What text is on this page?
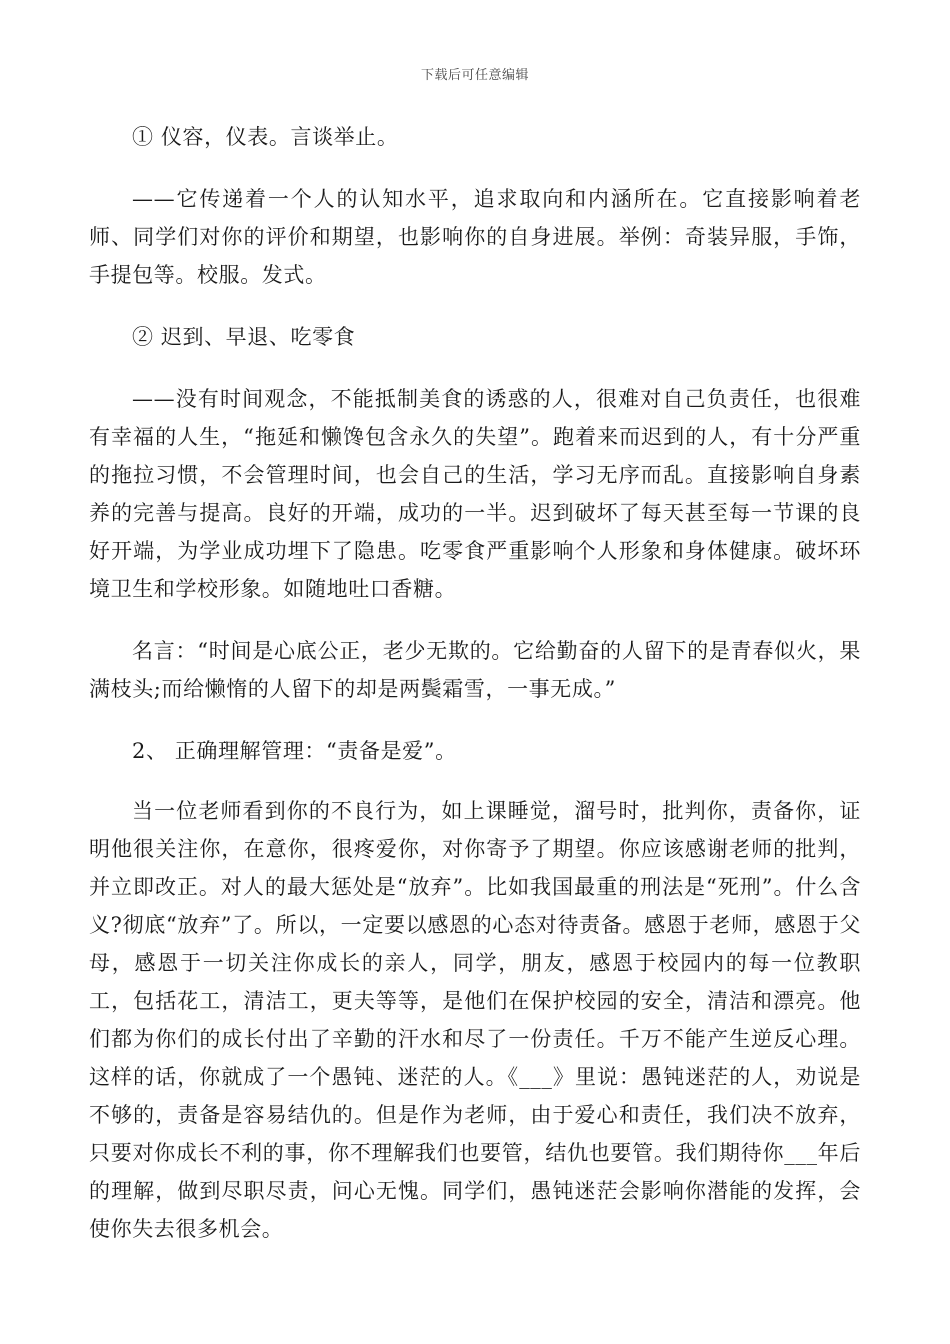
下载后可任意编辑

① 仪容，仪表。言谈举止。

——它传递着一个人的认知水平，追求取向和内涵所在。它直接影响着老师、同学们对你的评价和期望，也影响你的自身进展。举例：奇装异服，手饰，手提包等。校服。发式。

② 迟到、早退、吃零食

——没有时间观念，不能抵制美食的诱惑的人，很难对自己负责任，也很难有幸福的人生，“拖延和懒馋包含永久的失望”。跑着来而迟到的人，有十分严重的拖拉习惯，不会管理时间，也会自己的生活，学习无序而乱。直接影响自身素养的完善与提高。良好的开端，成功的一半。迟到破坏了每天甚至每一节课的良好开端，为学业成功埋下了隐患。吃零食严重影响个人形象和身体健康。破坏环境卫生和学校形象。如随地吐口香糖。

名言：“时间是心底公正，老少无欺的。它给勤奋的人留下的是青春似火，果满枝头;而给懒惰的人留下的却是两鬓霜雪，一事无成。”

2、 正确理解管理：“责备是爱”。

当一位老师看到你的不良行为，如上课睡觉，溜号时，批判你，责备你，证明他很关注你，在意你，很疼爱你，对你寄予了期望。你应该感谢老师的批判，并立即改正。对人的最大惩处是“放弃”。比如我国最重的刑法是“死刑”。什么含义?彻底“放弃”了。所以，一定要以感恩的心态对待责备。感恩于老师，感恩于父母，感恩于一切关注你成长的亲人，同学，朋友，感恩于校园内的每一位教职工，包括花工，清洁工，更夫等等，是他们在保护校园的安全，清洁和漂亮。他们都为你们的成长付出了辛勤的汗水和尽了一份责任。千万不能产生逆反心理。这样的话，你就成了一个愚钝、迷茫的人。《___》里说：愚钝迷茫的人，劝说是不够的，责备是容易结仇的。但是作为老师，由于爱心和责任，我们决不放弃，只要对你成长不利的事，你不理解我们也要管，结仇也要管。我们期待你___年后的理解，做到尽职尽责，问心无愧。同学们，愚钝迷茫会影响你潜能的发挥，会使你失去很多机会。
